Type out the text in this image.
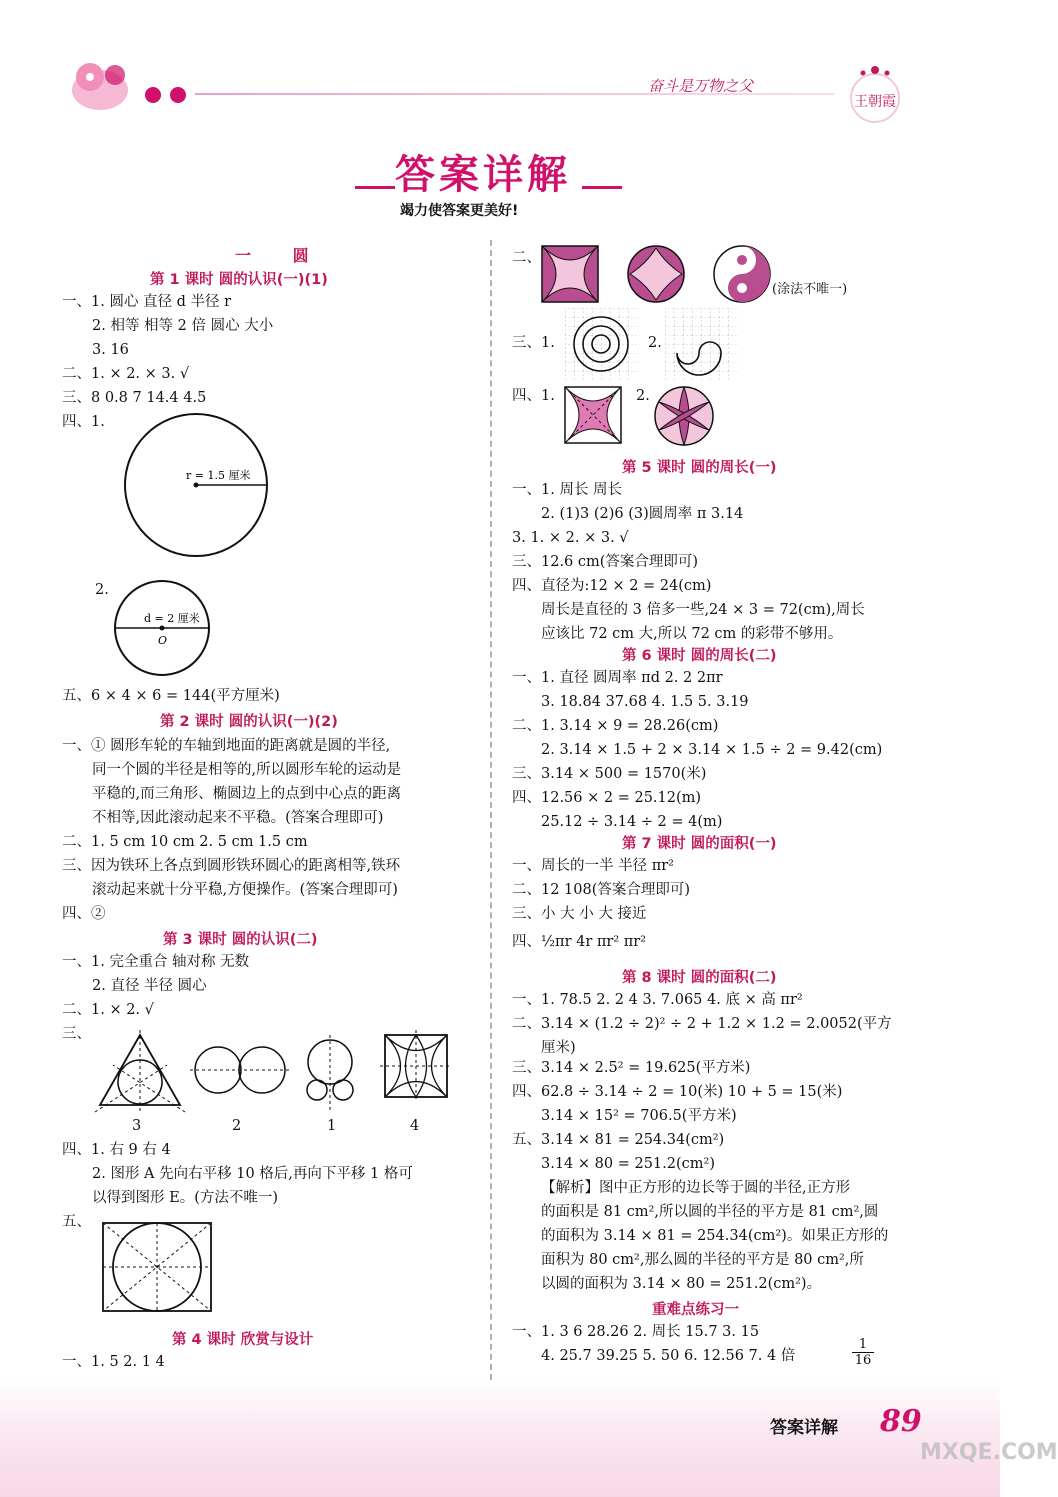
奋斗是万物之父
王朝霞
答案详解
竭力使答案更美好!
一 圆
第 1 课时 圆的认识(一)(1)
一、1. 圆心 直径 d 半径 r
2. 相等 相等 2 倍 圆心 大小
3. 16
二、1. × 2. × 3. √
三、8 0.8 7 14.4 4.5
四、1.
r = 1.5 厘米
2.
d = 2 厘米
O
五、6 × 4 × 6 = 144(平方厘米)
第 2 课时 圆的认识(一)(2)
一、① 圆形车轮的车轴到地面的距离就是圆的半径,
同一个圆的半径是相等的,所以圆形车轮的运动是
平稳的,而三角形、椭圆边上的点到中心点的距离
不相等,因此滚动起来不平稳。(答案合理即可)
二、1. 5 cm 10 cm 2. 5 cm 1.5 cm
三、因为铁环上各点到圆形铁环圆心的距离相等,铁环
滚动起来就十分平稳,方便操作。(答案合理即可)
四、②
第 3 课时 圆的认识(二)
一、1. 完全重合 轴对称 无数
2. 直径 半径 圆心
二、1. × 2. √
三、
3	2	1	4
四、1. 右 9 右 4
2. 图形 A 先向右平移 10 格后,再向下平移 1 格可
以得到图形 E。(方法不唯一)
五、
第 4 课时 欣赏与设计
一、1. 5 2. 1 4
二、
(涂法不唯一)
三、1.	2.
四、1.	2.
第 5 课时 圆的周长(一)
一、1. 周长 周长
2. (1)3 (2)6 (3)圆周率 π 3.14
3. 1. × 2. × 3. √
三、12.6 cm(答案合理即可)
四、直径为:12 × 2 = 24(cm)
周长是直径的 3 倍多一些,24 × 3 = 72(cm),周长
应该比 72 cm 大,所以 72 cm 的彩带不够用。
第 6 课时 圆的周长(二)
一、1. 直径 圆周率 πd 2. 2 2πr
3. 18.84 37.68 4. 1.5 5. 3.19
二、1. 3.14 × 9 = 28.26(cm)
2. 3.14 × 1.5 + 2 × 3.14 × 1.5 ÷ 2 = 9.42(cm)
三、3.14 × 500 = 1570(米)
四、12.56 × 2 = 25.12(m)
25.12 ÷ 3.14 ÷ 2 = 4(m)
第 7 课时 圆的面积(一)
一、周长的一半 半径 πr²
二、12 108(答案合理即可)
三、小 大 小 大 接近
四、½πr 4r πr² πr²
第 8 课时 圆的面积(二)
一、1. 78.5 2. 2 4 3. 7.065 4. 底 × 高 πr²
二、3.14 × (1.2 ÷ 2)² ÷ 2 + 1.2 × 1.2 = 2.0052(平方
厘米)
三、3.14 × 2.5² = 19.625(平方米)
四、62.8 ÷ 3.14 ÷ 2 = 10(米) 10 + 5 = 15(米)
3.14 × 15² = 706.5(平方米)
五、3.14 × 81 = 254.34(cm²)
3.14 × 80 = 251.2(cm²)
【解析】图中正方形的边长等于圆的半径,正方形
的面积是 81 cm²,所以圆的半径的平方是 81 cm²,圆
的面积为 3.14 × 81 = 254.34(cm²)。如果正方形的
面积为 80 cm²,那么圆的半径的平方是 80 cm²,所
以圆的面积为 3.14 × 80 = 251.2(cm²)。
重难点练习一
一、1. 3 6 28.26 2. 周长 15.7 3. 15
4. 25.7 39.25 5. 50 6. 12.56 7. 4 倍	$\frac{1}{16}$
答案详解 89
MXQE.COM
